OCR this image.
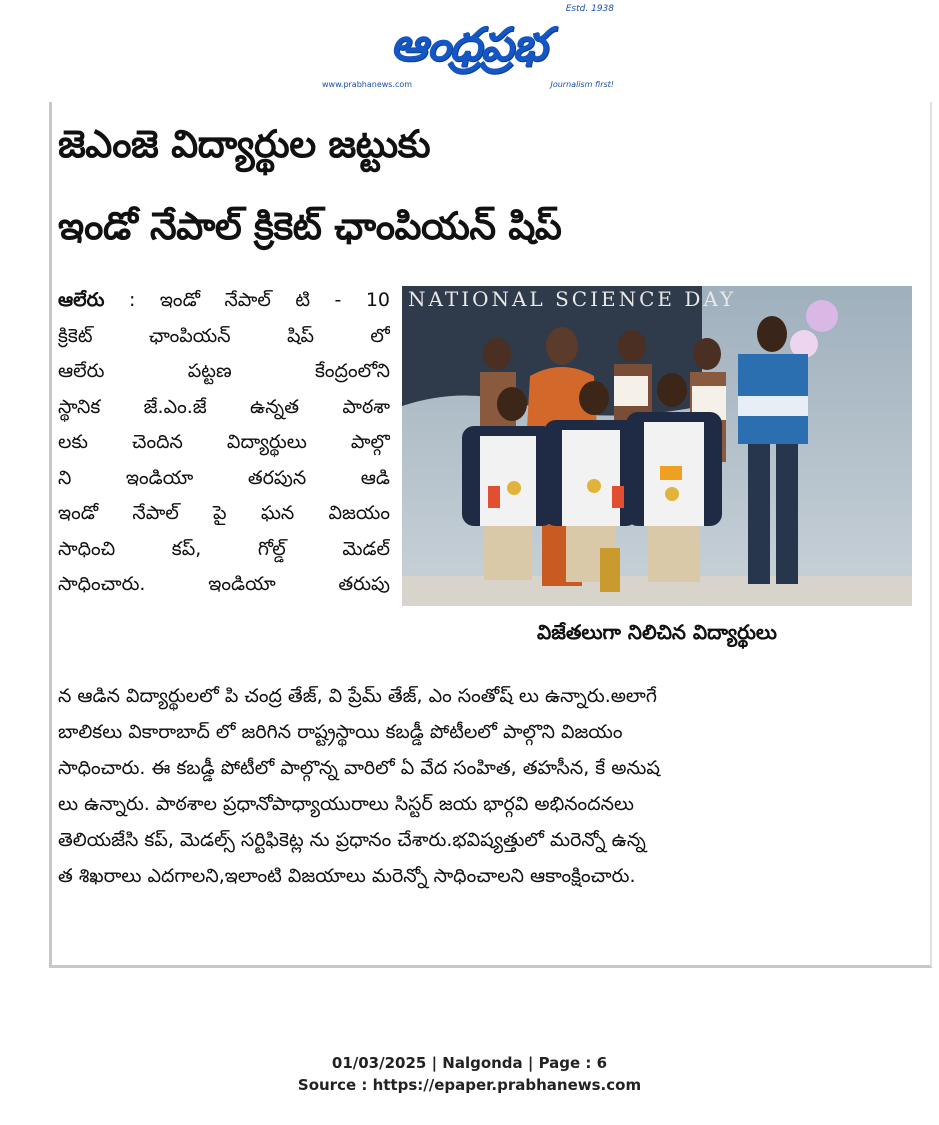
Estd. 1938
ఆంధ్రప్రభ
www.prabhanews.com	Journalism first!
జెఎంజె విద్యార్థుల జట్టుకు
ఇండో నేపాల్ క్రికెట్ ఛాంపియన్ షిప్

ఆలేరు : ఇండో నేపాల్ టి - 10

క్రికెట్ ఛాంపియన్ షిప్ లో

ఆలేరు పట్టణ కేంద్రంలోని

స్థానిక జే.ఎం.జే ఉన్నత పాఠశా

లకు చెందిన విద్యార్థులు పాల్గొ

ని ఇండియా తరపున ఆడి

ఇండో నేపాల్ పై ఘన విజయం

సాధించి కప్, గోల్డ్ మెడల్

సాధించారు. ఇండియా తరుపు

NATIONAL SCIENCE DAY
విజేతలుగా నిలిచిన విద్యార్థులు

న ఆడిన విద్యార్థులలో పి చంద్ర తేజ్, వి ప్రేమ్ తేజ్, ఎం సంతోష్ లు ఉన్నారు.అలాగే

బాలికలు వికారాబాద్ లో జరిగిన రాష్ట్రస్థాయి కబడ్డీ పోటీలలో పాల్గొని విజయం

సాధించారు. ఈ కబడ్డీ పోటీలో పాల్గొన్న వారిలో ఏ వేద సంహిత, తహసీన, కే అనుష

లు ఉన్నారు. పాఠశాల ప్రధానోపాధ్యాయురాలు సిస్టర్ జయ భార్గవి అభినందనలు

తెలియజేసి కప్, మెడల్స్ సర్టిఫికెట్ల ను ప్రధానం చేశారు.భవిష్యత్తులో మరెన్నో ఉన్న

త శిఖరాలు ఎదగాలని,ఇలాంటి విజయాలు మరెన్నో సాధించాలని ఆకాంక్షించారు.

01/03/2025 | Nalgonda | Page : 6
Source : https://epaper.prabhanews.com
